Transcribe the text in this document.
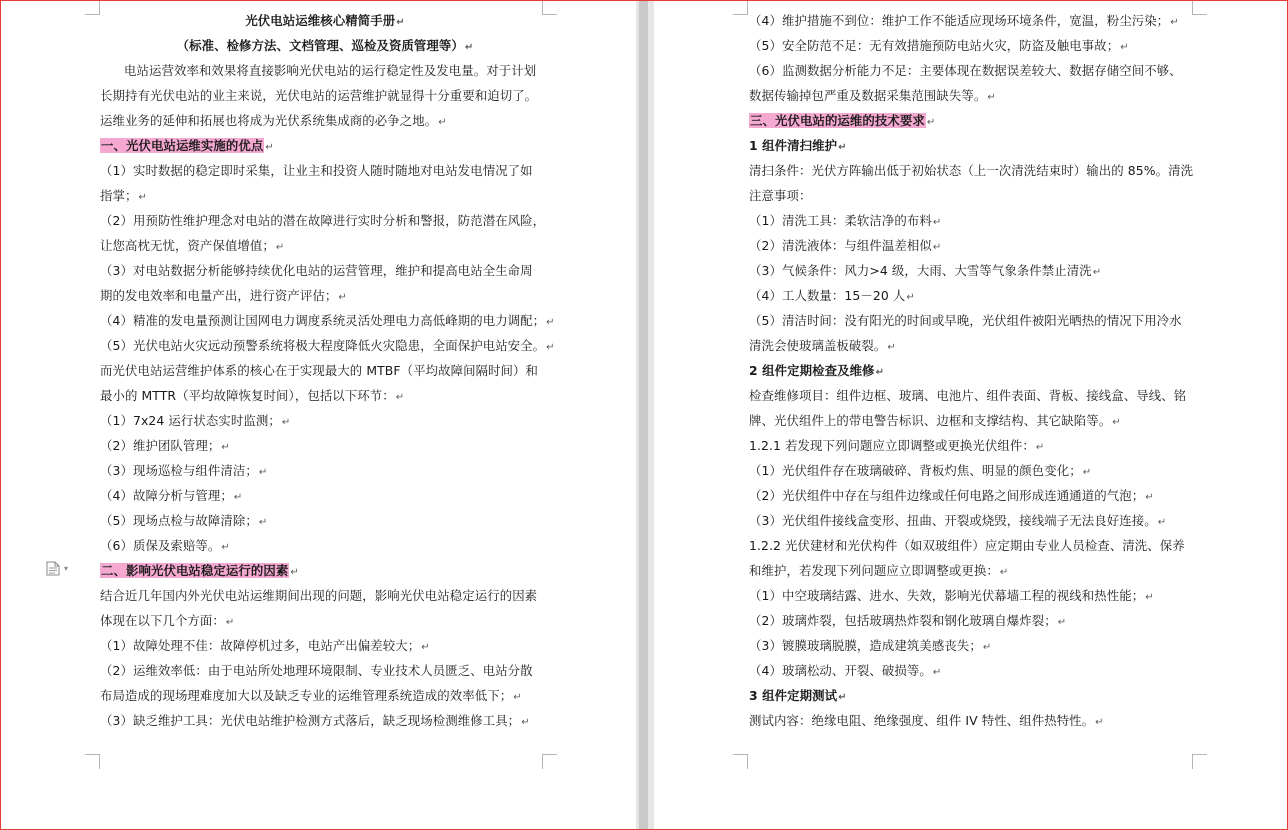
光伏电站运维核心精简手册↵
（标准、检修方法、文档管理、巡检及资质管理等）↵
电站运营效率和效果将直接影响光伏电站的运行稳定性及发电量。对于计划
长期持有光伏电站的业主来说，光伏电站的运营维护就显得十分重要和迫切了。
运维业务的延伸和拓展也将成为光伏系统集成商的必争之地。↵
一、光伏电站运维实施的优点 ↵
（1）实时数据的稳定即时采集，让业主和投资人随时随地对电站发电情况了如
指掌；↵
（2）用预防性维护理念对电站的潜在故障进行实时分析和警报，防范潜在风险，
让您高枕无忧，资产保值增值；↵
（3）对电站数据分析能够持续优化电站的运营管理，维护和提高电站全生命周
期的发电效率和电量产出，进行资产评估；↵
（4）精准的发电量预测让国网电力调度系统灵活处理电力高低峰期的电力调配；↵
（5）光伏电站火灾远动预警系统将极大程度降低火灾隐患，全面保护电站安全。↵
而光伏电站运营维护体系的核心在于实现最大的 MTBF（平均故障间隔时间）和
最小的 MTTR（平均故障恢复时间），包括以下环节：↵
（1）7x24 运行状态实时监测；↵
（2）维护团队管理；↵
（3）现场巡检与组件清洁；↵
（4）故障分析与管理；↵
（5）现场点检与故障清除；↵
（6）质保及索赔等。↵
二、影响光伏电站稳定运行的因素 ↵
结合近几年国内外光伏电站运维期间出现的问题，影响光伏电站稳定运行的因素
体现在以下几个方面：↵
（1）故障处理不佳：故障停机过多，电站产出偏差较大；↵
（2）运维效率低：由于电站所处地理环境限制、专业技术人员匮乏、电站分散
布局造成的现场理难度加大以及缺乏专业的运维管理系统造成的效率低下；↵
（3）缺乏维护工具：光伏电站维护检测方式落后，缺乏现场检测维修工具；↵
▾
（4）维护措施不到位：维护工作不能适应现场环境条件，宽温，粉尘污染；↵
（5）安全防范不足：无有效措施预防电站火灾，防盗及触电事故；↵
（6）监测数据分析能力不足：主要体现在数据误差较大、数据存储空间不够、
数据传输掉包严重及数据采集范围缺失等。↵
三、光伏电站的运维的技术要求 ↵
1 组件清扫维护↵
清扫条件：光伏方阵输出低于初始状态（上一次清洗结束时）输出的 85%。清洗
注意事项：
（1）清洗工具：柔软洁净的布料↵
（2）清洗液体：与组件温差相似↵
（3）气候条件：风力>4 级，大雨、大雪等气象条件禁止清洗↵
（4）工人数量：15－20 人↵
（5）清洁时间：没有阳光的时间或早晚，光伏组件被阳光晒热的情况下用冷水
清洗会使玻璃盖板破裂。↵
2 组件定期检查及维修↵
检查维修项目：组件边框、玻璃、电池片、组件表面、背板、接线盒、导线、铭
牌、光伏组件上的带电警告标识、边框和支撑结构、其它缺陷等。↵
1.2.1 若发现下列问题应立即调整或更换光伏组件：↵
（1）光伏组件存在玻璃破碎、背板灼焦、明显的颜色变化；↵
（2）光伏组件中存在与组件边缘或任何电路之间形成连通通道的气泡；↵
（3）光伏组件接线盒变形、扭曲、开裂或烧毁，接线端子无法良好连接。↵
1.2.2 光伏建材和光伏构件（如双玻组件）应定期由专业人员检查、清洗、保养
和维护，若发现下列问题应立即调整或更换：↵
（1）中空玻璃结露、进水、失效，影响光伏幕墙工程的视线和热性能；↵
（2）玻璃炸裂，包括玻璃热炸裂和钢化玻璃自爆炸裂；↵
（3）镀膜玻璃脱膜，造成建筑美感丧失；↵
（4）玻璃松动、开裂、破损等。↵
3 组件定期测试↵
测试内容：绝缘电阻、绝缘强度、组件 IV 特性、组件热特性。↵
